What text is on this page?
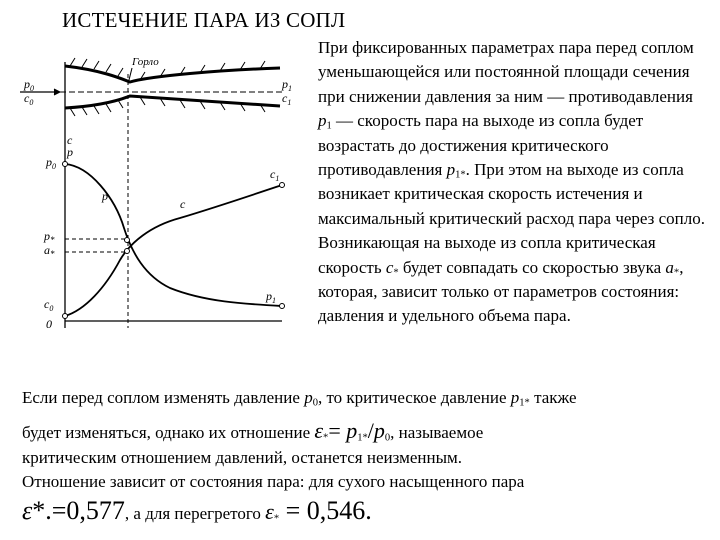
ИСТЕЧЕНИЕ ПАРА ИЗ СОПЛ
Горло
$p_0$
$c_0$
$p_1$
$c_1$
c
p
$p_0$
$p_*$
$a_*$
$c_0$
0
p
c
$c_1$
$p_1$

При фиксированных параметрах пара перед соплом уменьшающейся или постоянной площади сечения при снижении давления за ним — противодавления $p_1$ — скорость пара на выходе из сопла будет возрастать до достижения критического противодавления $p_{1*}$. При этом на выходе из сопла возникает критическая скорость истечения и максимальный критический расход пара через сопло. Возникающая на выходе из сопла критическая скорость $c_*$ будет совпадать со скоростью звука $a_*$, которая, зависит только от параметров состояния: давления и удельного объема пара.

Если перед соплом изменять давление $p_0$, то критическое давление $p_{1*}$ также
будет изменяться, однако их отношение $\varepsilon_*= p_{1*}/p_0$, называемое
критическим отношением давлений, останется неизменным.
Отношение зависит от состояния пара: для сухого насыщенного пара
ε*.=0,577, а для перегретого $\varepsilon_* = 0,546$.
